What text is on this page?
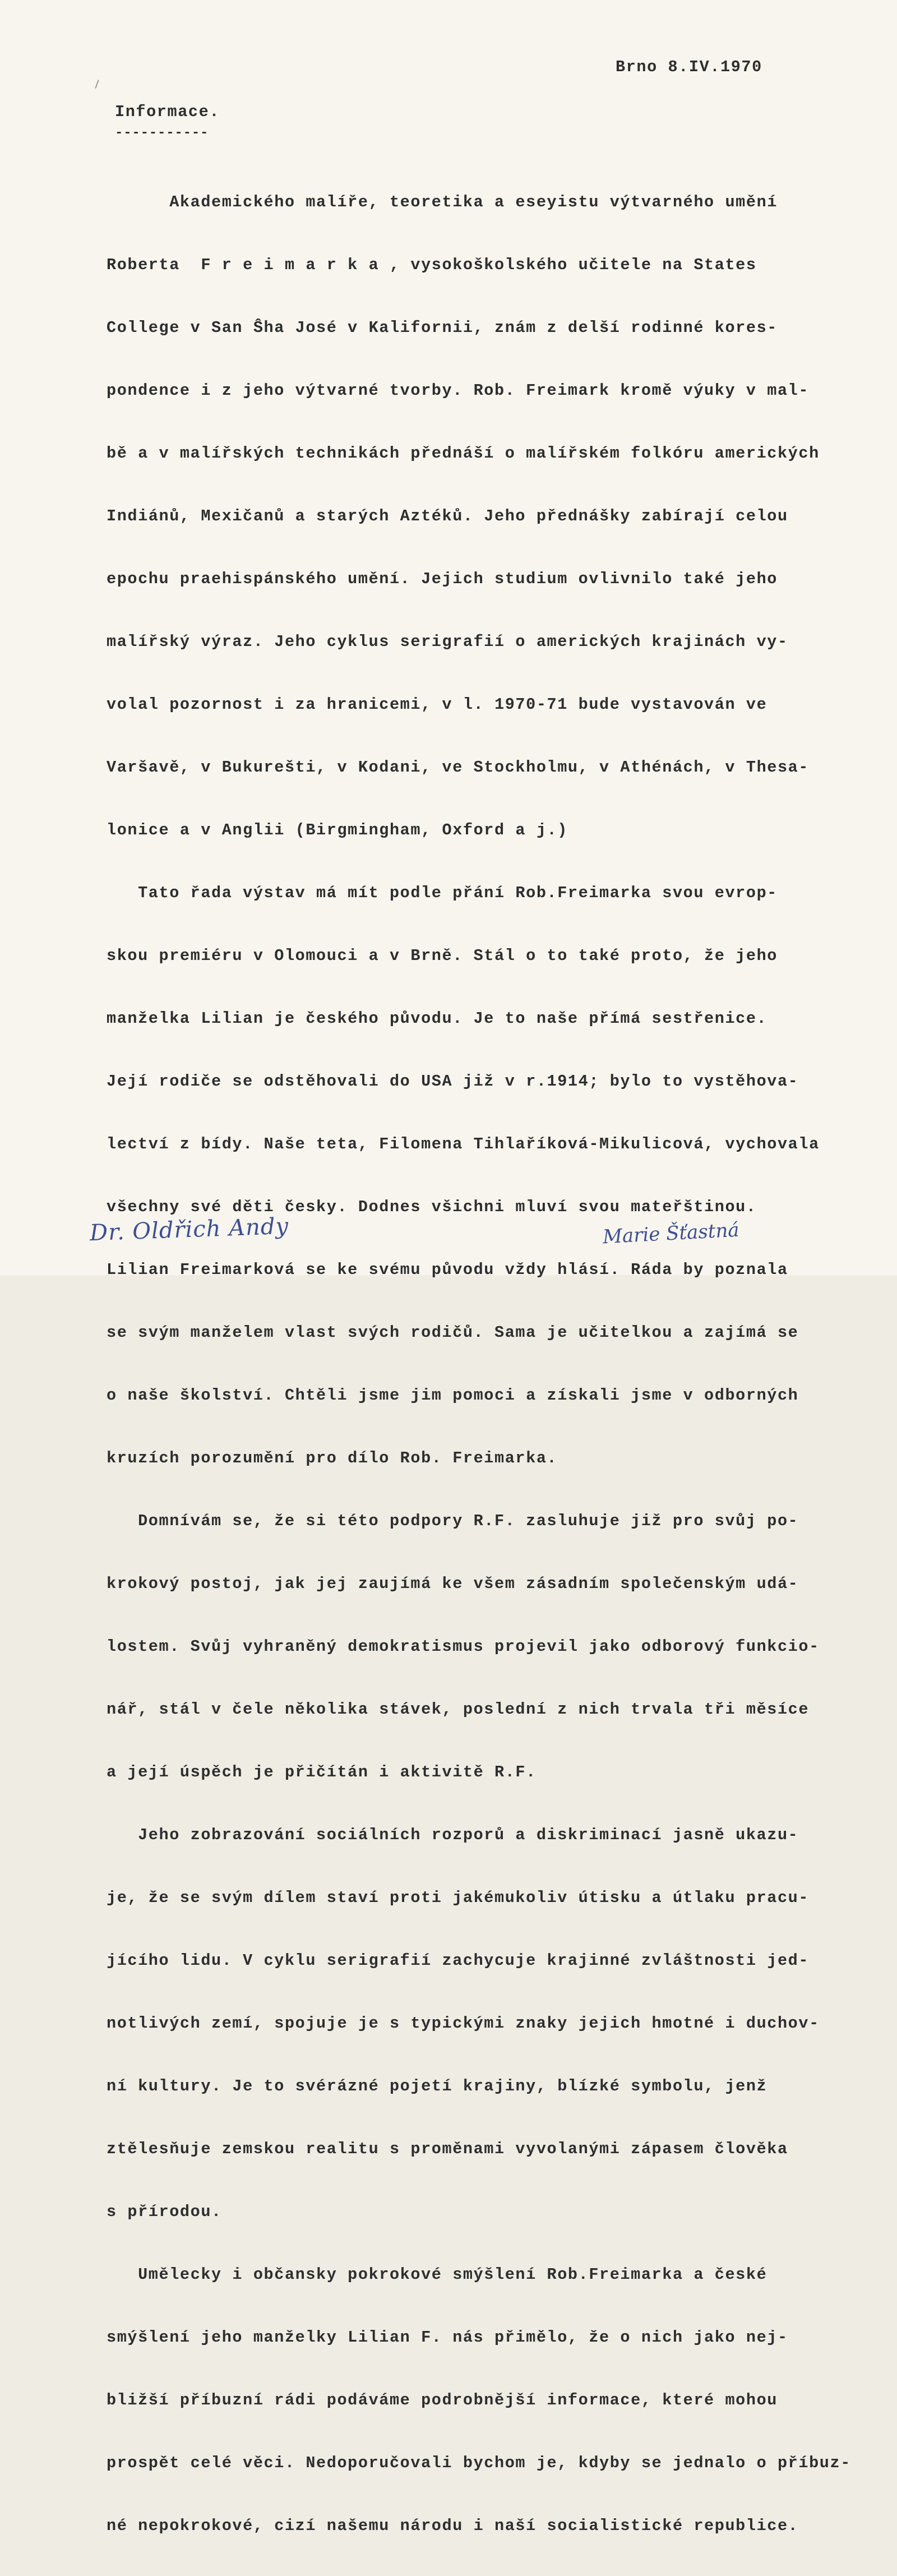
Brno 8.IV.1970
Informace.
-----------

Akademického malíře, teoretika a eseyistu výtvarného umění

Roberta  F r e i m a r k a , vysokoškolského učitele na States

College v San Ŝha José v Kalifornii, znám z delší rodinné kores-

pondence i z jeho výtvarné tvorby. Rob. Freimark kromě výuky v mal-

bě a v malířských technikách přednáší o malířském folkóru amerických

Indiánů, Mexičanů a starých Aztéků. Jeho přednášky zabírají celou

epochu praehispánského umění. Jejich studium ovlivnilo také jeho

malířský výraz. Jeho cyklus serigrafií o amerických krajinách vy-

volal pozornost i za hranicemi, v l. 1970-71 bude vystavován ve

Varšavě, v Bukurešti, v Kodani, ve Stockholmu, v Athénách, v Thesa-

lonice a v Anglii (Birgmingham, Oxford a j.)

Tato řada výstav má mít podle přání Rob.Freimarka svou evrop-

skou premiéru v Olomouci a v Brně. Stál o to také proto, že jeho

manželka Lilian je českého původu. Je to naše přímá sestřenice.

Její rodiče se odstěhovali do USA již v r.1914; bylo to vystěhova-

lectví z bídy. Naše teta, Filomena Tihlaříková-Mikulicová, vychovala

všechny své děti česky. Dodnes všichni mluví svou mateřštinou.

Lilian Freimarková se ke svému původu vždy hlásí. Ráda by poznala

se svým manželem vlast svých rodičů. Sama je učitelkou a zajímá se

o naše školství. Chtěli jsme jim pomoci a získali jsme v odborných

kruzích porozumění pro dílo Rob. Freimarka.

Domnívám se, že si této podpory R.F. zasluhuje již pro svůj po-

krokový postoj, jak jej zaujímá ke všem zásadním společenským udá-

lostem. Svůj vyhraněný demokratismus projevil jako odborový funkcio-

nář, stál v čele několika stávek, poslední z nich trvala tři měsíce

a její úspěch je přičítán i aktivitě R.F.

Jeho zobrazování sociálních rozporů a diskriminací jasně ukazu-

je, že se svým dílem staví proti jakémukoliv útisku a útlaku pracu-

jícího lidu. V cyklu serigrafií zachycuje krajinné zvláštnosti jed-

notlivých zemí, spojuje je s typickými znaky jejich hmotné i duchov-

ní kultury. Je to svérázné pojetí krajiny, blízké symbolu, jenž

ztělesňuje zemskou realitu s proměnami vyvolanými zápasem člověka

s přírodou.

Umělecky i občansky pokrokové smýšlení Rob.Freimarka a české

smýšlení jeho manželky Lilian F. nás přimělo, že o nich jako nej-

bližší příbuzní rádi podáváme podrobnější informace, které mohou

prospět celé věci. Nedoporučovali bychom je, kdyby se jednalo o příbuz-

né nepokrokové, cizí našemu národu i naší socialistické republice.

Dr. Oldřich Andy	Marie Šťastná
